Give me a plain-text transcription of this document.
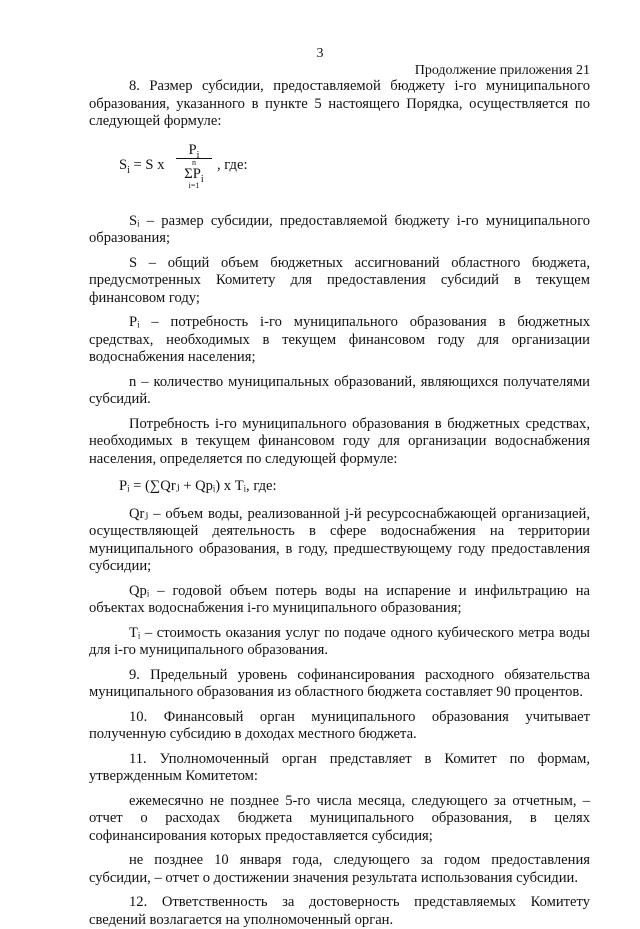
3
Продолжение приложения 21

8. Размер субсидии, предоставляемой бюджету i-го муниципального образования, указанного в пункте 5 настоящего Порядка, осуществляется по следующей формуле:

$S_i = S$ х
$P_i$
n
$\Sigma P_i$
i=1
, где:

Sᵢ – размер субсидии, предоставляемой бюджету i-го муниципального образования;

S – общий объем бюджетных ассигнований областного бюджета, предусмотренных Комитету для предоставления субсидий в текущем финансовом году;

Pᵢ – потребность i-го муниципального образования в бюджетных средствах, необходимых в текущем финансовом году для организации водоснабжения населения;

n – количество муниципальных образований, являющихся получателями субсидий.

Потребность i-го муниципального образования в бюджетных средствах, необходимых в текущем финансовом году для организации водоснабжения населения, определяется по следующей формуле:

Pᵢ = (∑Qrⱼ + Qpᵢ) х Tᵢ, где:

Qrⱼ – объем воды, реализованной j-й ресурсоснабжающей организацией, осуществляющей деятельность в сфере водоснабжения на территории муниципального образования, в году, предшествующему году предоставления субсидии;

Qpᵢ – годовой объем потерь воды на испарение и инфильтрацию на объектах водоснабжения i-го муниципального образования;

Tᵢ – стоимость оказания услуг по подаче одного кубического метра воды для i-го муниципального образования.

9. Предельный уровень софинансирования расходного обязательства муниципального образования из областного бюджета составляет 90 процентов.

10. Финансовый орган муниципального образования учитывает полученную субсидию в доходах местного бюджета.

11. Уполномоченный орган представляет в Комитет по формам, утвержденным Комитетом:

ежемесячно не позднее 5-го числа месяца, следующего за отчетным, – отчет о расходах бюджета муниципального образования, в целях софинансирования которых предоставляется субсидия;

не позднее 10 января года, следующего за годом предоставления субсидии, – отчет о достижении значения результата использования субсидии.

12. Ответственность за достоверность представляемых Комитету сведений возлагается на уполномоченный орган.
